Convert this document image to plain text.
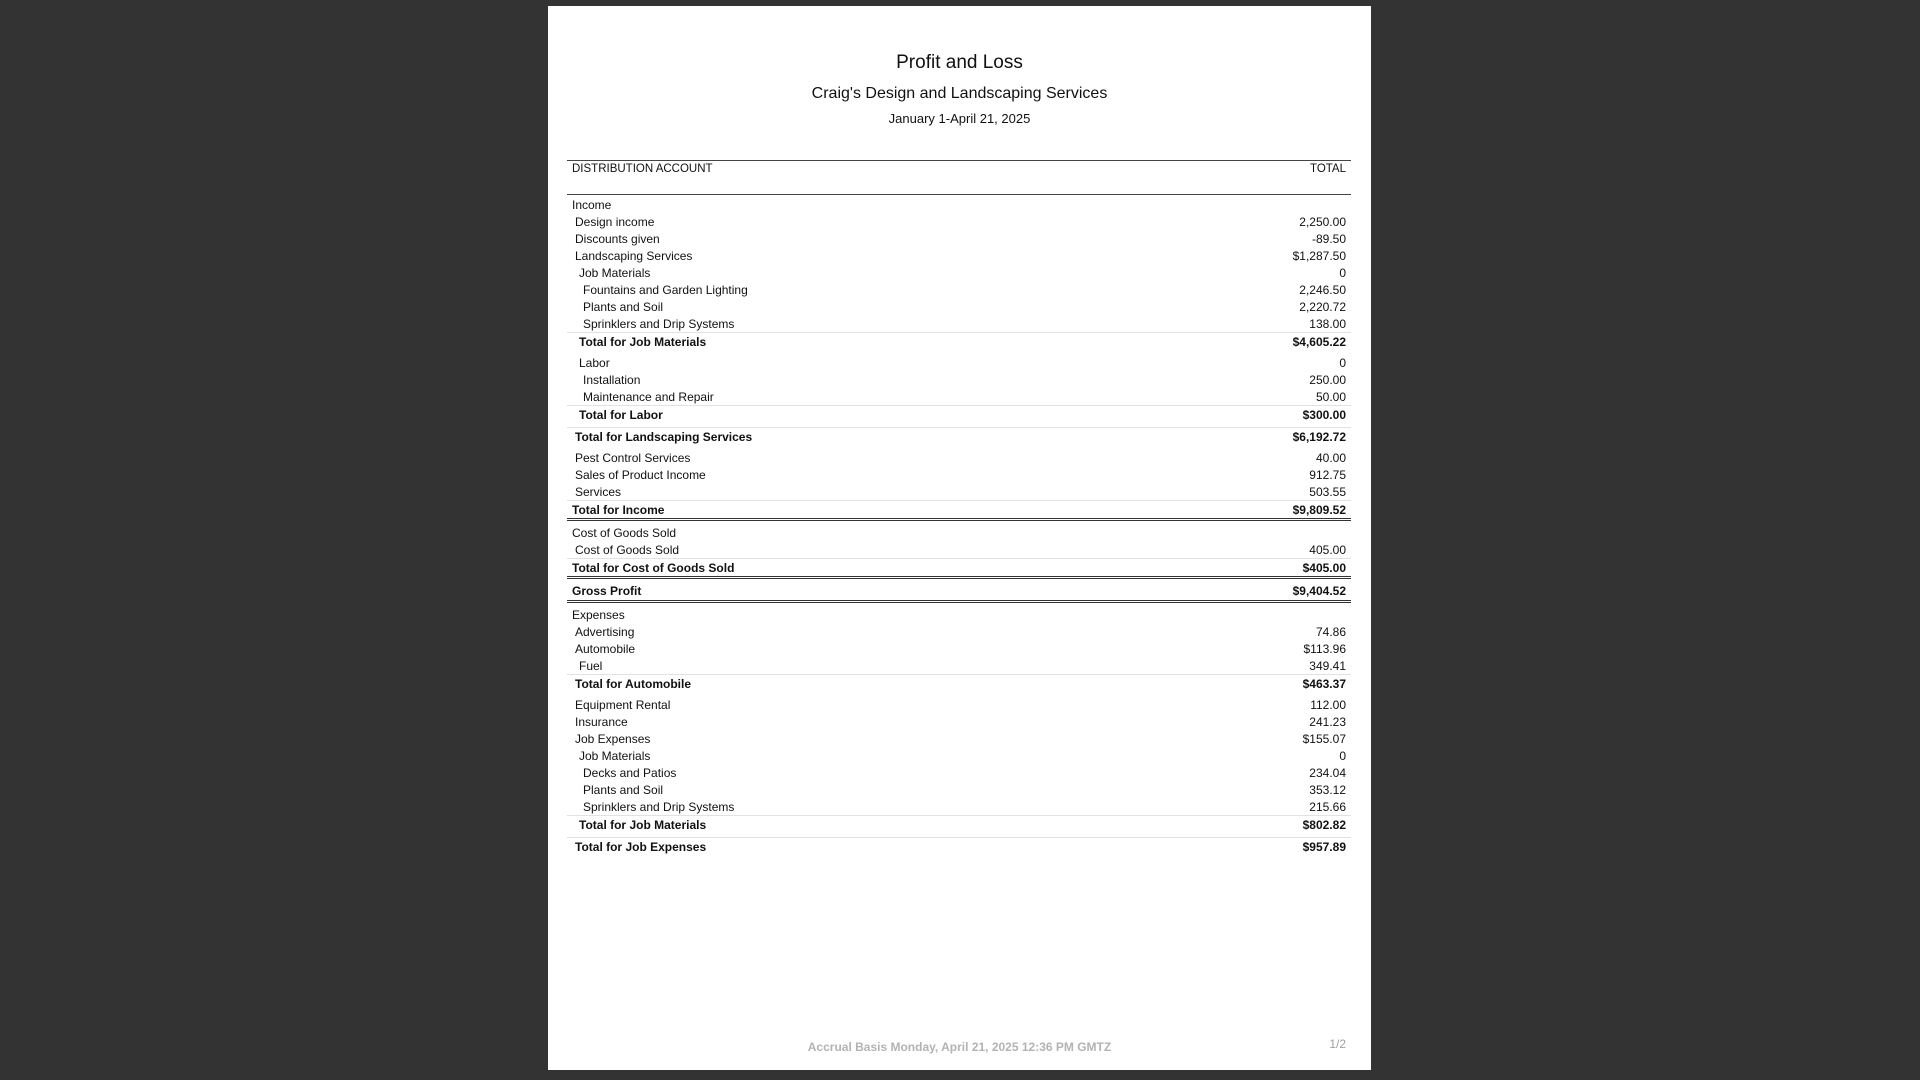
Profit and Loss
Craig's Design and Landscaping Services
January 1-April 21, 2025
DISTRIBUTION ACCOUNT	TOTAL
Income
Design income	2,250.00
Discounts given	-89.50
Landscaping Services	$1,287.50
Job Materials	0
Fountains and Garden Lighting	2,246.50
Plants and Soil	2,220.72
Sprinklers and Drip Systems	138.00
Total for Job Materials	$4,605.22
Labor	0
Installation	250.00
Maintenance and Repair	50.00
Total for Labor	$300.00
Total for Landscaping Services	$6,192.72
Pest Control Services	40.00
Sales of Product Income	912.75
Services	503.55
Total for Income	$9,809.52
Cost of Goods Sold
Cost of Goods Sold	405.00
Total for Cost of Goods Sold	$405.00
Gross Profit	$9,404.52
Expenses
Advertising	74.86
Automobile	$113.96
Fuel	349.41
Total for Automobile	$463.37
Equipment Rental	112.00
Insurance	241.23
Job Expenses	$155.07
Job Materials	0
Decks and Patios	234.04
Plants and Soil	353.12
Sprinklers and Drip Systems	215.66
Total for Job Materials	$802.82
Total for Job Expenses	$957.89
Accrual Basis Monday, April 21, 2025 12:36 PM GMTZ	1/2
